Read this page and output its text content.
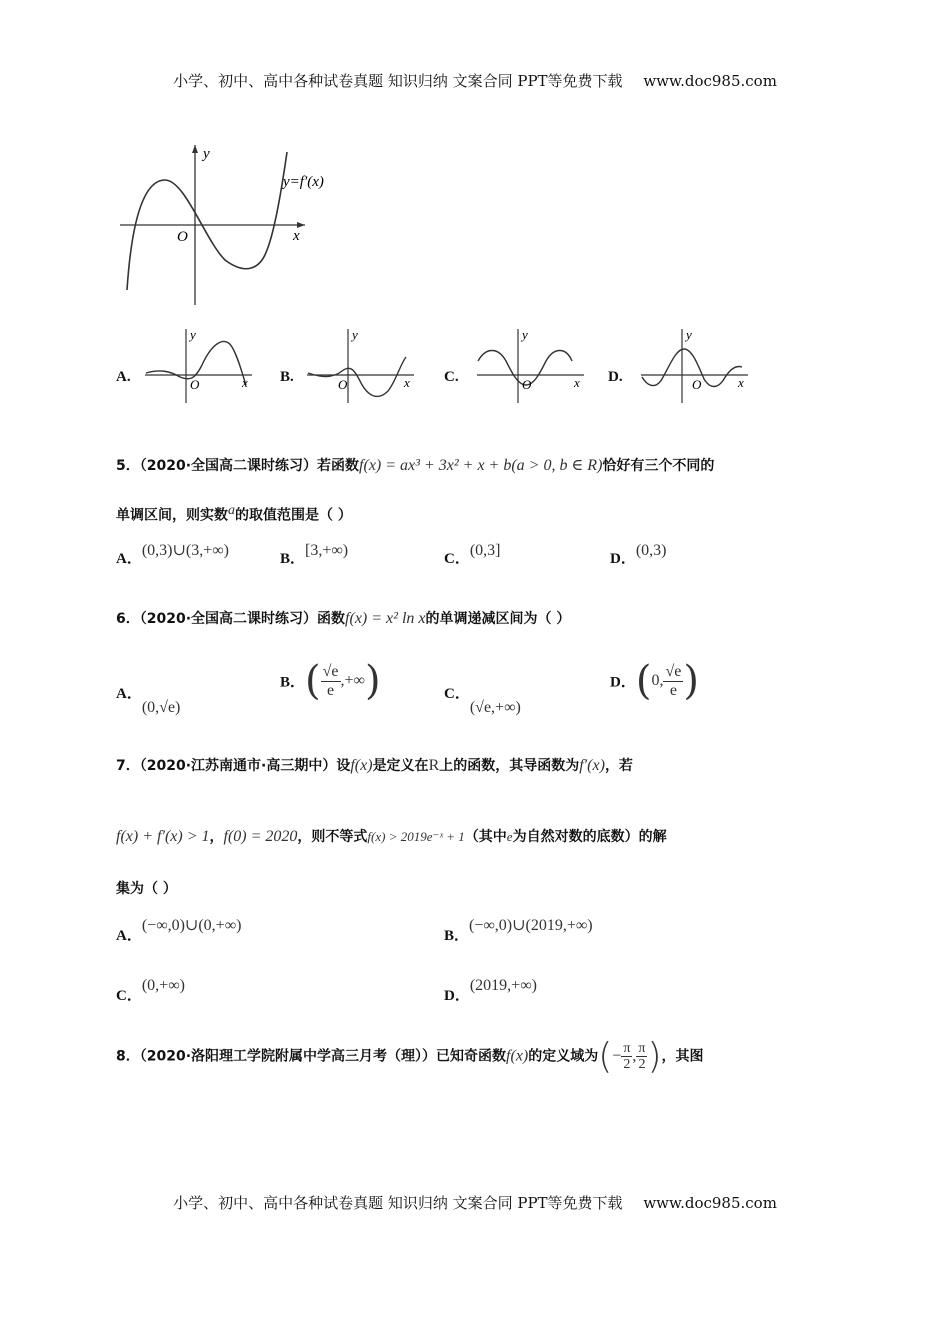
小学、初中、高中各种试卷真题 知识归纳 文案合同 PPT等免费下载 www.doc985.com
小学、初中、高中各种试卷真题 知识归纳 文案合同 PPT等免费下载 www.doc985.com
y
O	x
y=f′(x)
A.
y
O	x B.
y
O	x C.
y
O	x D.
y
O	x
5．（2020·全国高二课时练习）若函数f(x) = ax³ + 3x² + x + b(a > 0, b ∈ R)恰好有三个不同的
单调区间，则实数a的取值范围是（ ）
A．(0,3)∪(3,+∞)	B．[3,+∞)	C．(0,3]	D．(0,3)
6．（2020·全国高二课时练习）函数f(x) = x² ln x的单调递减区间为（ ）
A．(0,√e)
B．( $\frac{√e}{e}$ ,+∞)	C．(√e,+∞)
D．(0, $\frac{√e}{e}$ )
7．（2020·江苏南通市·高三期中）设f(x)是定义在R上的函数，其导函数为f′(x)，若
f(x) + f′(x) > 1，f(0) = 2020，则不等式f(x) > 2019e⁻ˣ + 1（其中e为自然对数的底数）的解
集为（ ）
A．(−∞,0)∪(0,+∞)
B．(−∞,0)∪(2019,+∞)
C．(0,+∞)
D．(2019,+∞)
8．（2020·洛阳理工学院附属中学高三月考（理））已知奇函数f(x)的定义域为(− $\frac{\pi}{2}$ , $\frac{\pi}{2}$ )，其图
